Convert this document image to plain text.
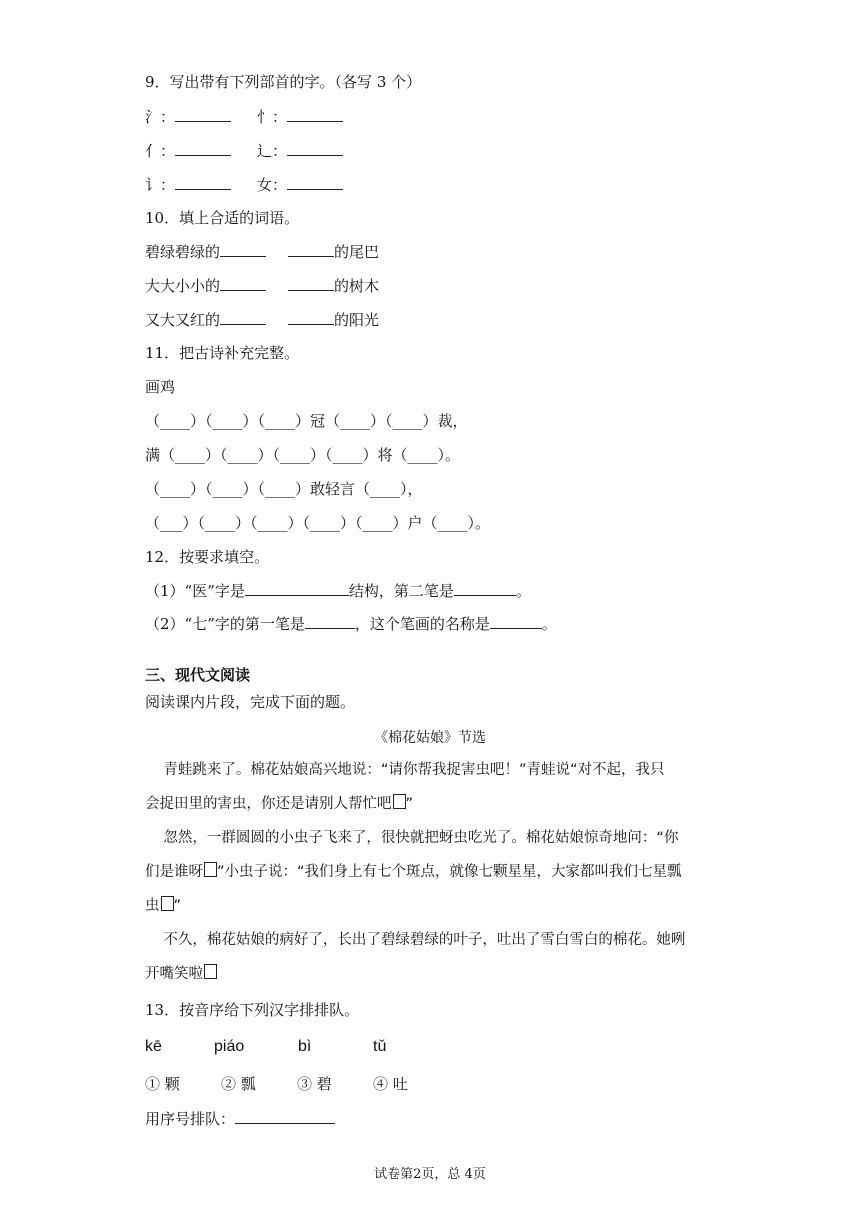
9．写出带有下列部首的字。（各写 3 个）
氵：	忄：
亻：	辶：
讠：	女：
10．填上合适的词语。
碧绿碧绿的	的尾巴
大大小小的	的树木
又大又红的	的阳光
11．把古诗补充完整。
画鸡
（____）（____）（____）冠（____）（____）裁，
满（____）（____）（____）（____）将（____）。
（____）（____）（____）敢轻言（____），
（___）（____）（____）（____）（____）户（____）。
12．按要求填空。
（1）“医”字是	结构，第二笔是	。
（2）“七”字的第一笔是	，这个笔画的名称是	。
三、现代文阅读
阅读课内片段，完成下面的题。
《棉花姑娘》节选
青蛙跳来了。棉花姑娘高兴地说：“请你帮我捉害虫吧！”青蛙说“对不起，我只
会捉田里的害虫，你还是请别人帮忙吧 ”
忽然，一群圆圆的小虫子飞来了，很快就把蚜虫吃光了。棉花姑娘惊奇地问：“你
们是谁呀 ”小虫子说：“我们身上有七个斑点，就像七颗星星，大家都叫我们七星瓢
虫 ”
不久，棉花姑娘的病好了，长出了碧绿碧绿的叶子，吐出了雪白雪白的棉花。她咧
开嘴笑啦
13．按音序给下列汉字排排队。
kē	piáo	bì	tǔ
① 颗	② 瓢	③ 碧	④ 吐
用序号排队：
试卷第2页，总 4页
